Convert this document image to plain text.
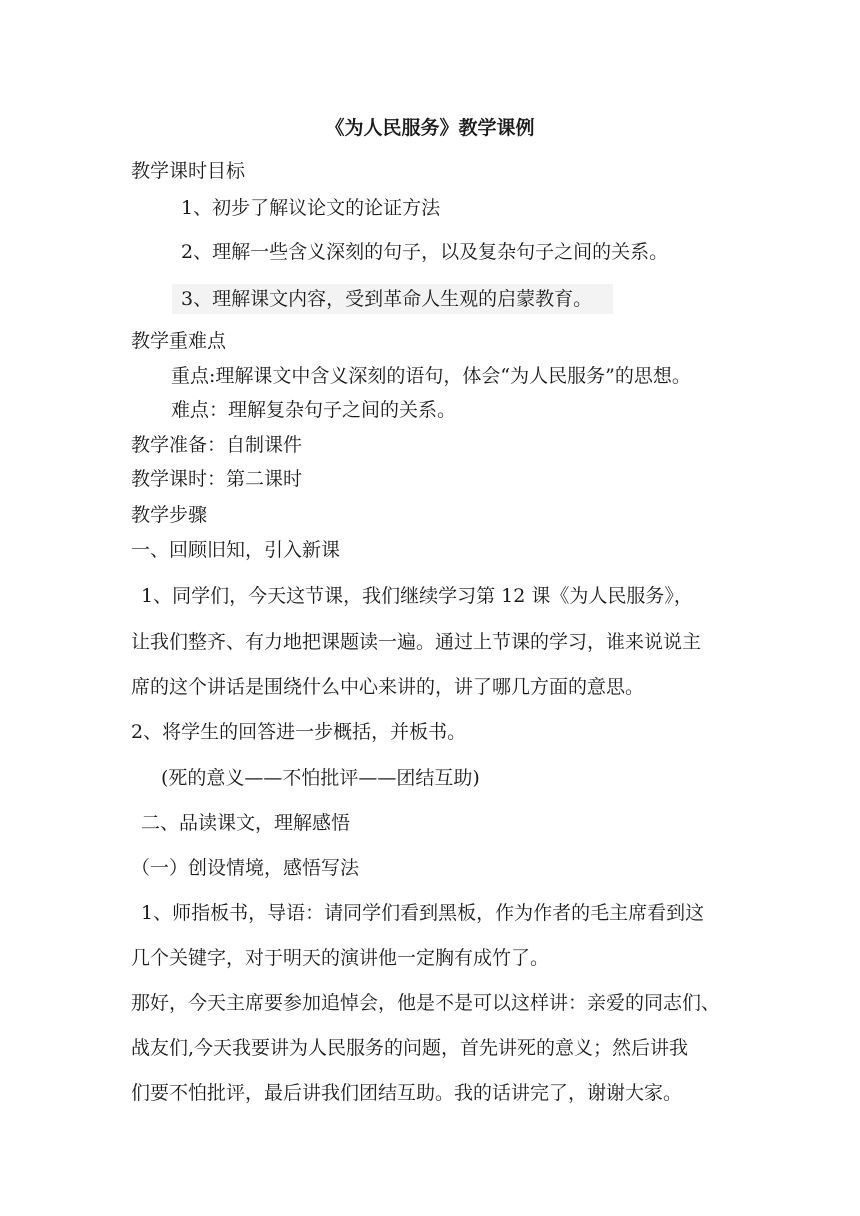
《为人民服务》教学课例
教学课时目标
1、初步了解议论文的论证方法
2、理解一些含义深刻的句子，以及复杂句子之间的关系。
3、理解课文内容，受到革命人生观的启蒙教育。
教学重难点
重点:理解课文中含义深刻的语句，体会“为人民服务”的思想。
难点：理解复杂句子之间的关系。
教学准备：自制课件
教学课时：第二课时
教学步骤
一、回顾旧知，引入新课
1、同学们，今天这节课，我们继续学习第 12 课《为人民服务》，
让我们整齐、有力地把课题读一遍。通过上节课的学习，谁来说说主
席的这个讲话是围绕什么中心来讲的，讲了哪几方面的意思。
2、将学生的回答进一步概括，并板书。
(死的意义——不怕批评——团结互助)
二、品读课文，理解感悟
（一）创设情境，感悟写法
1、师指板书，导语：请同学们看到黑板，作为作者的毛主席看到这
几个关键字，对于明天的演讲他一定胸有成竹了。
那好，今天主席要参加追悼会，他是不是可以这样讲：亲爱的同志们、
战友们,今天我要讲为人民服务的问题，首先讲死的意义；然后讲我
们要不怕批评，最后讲我们团结互助。我的话讲完了，谢谢大家。
